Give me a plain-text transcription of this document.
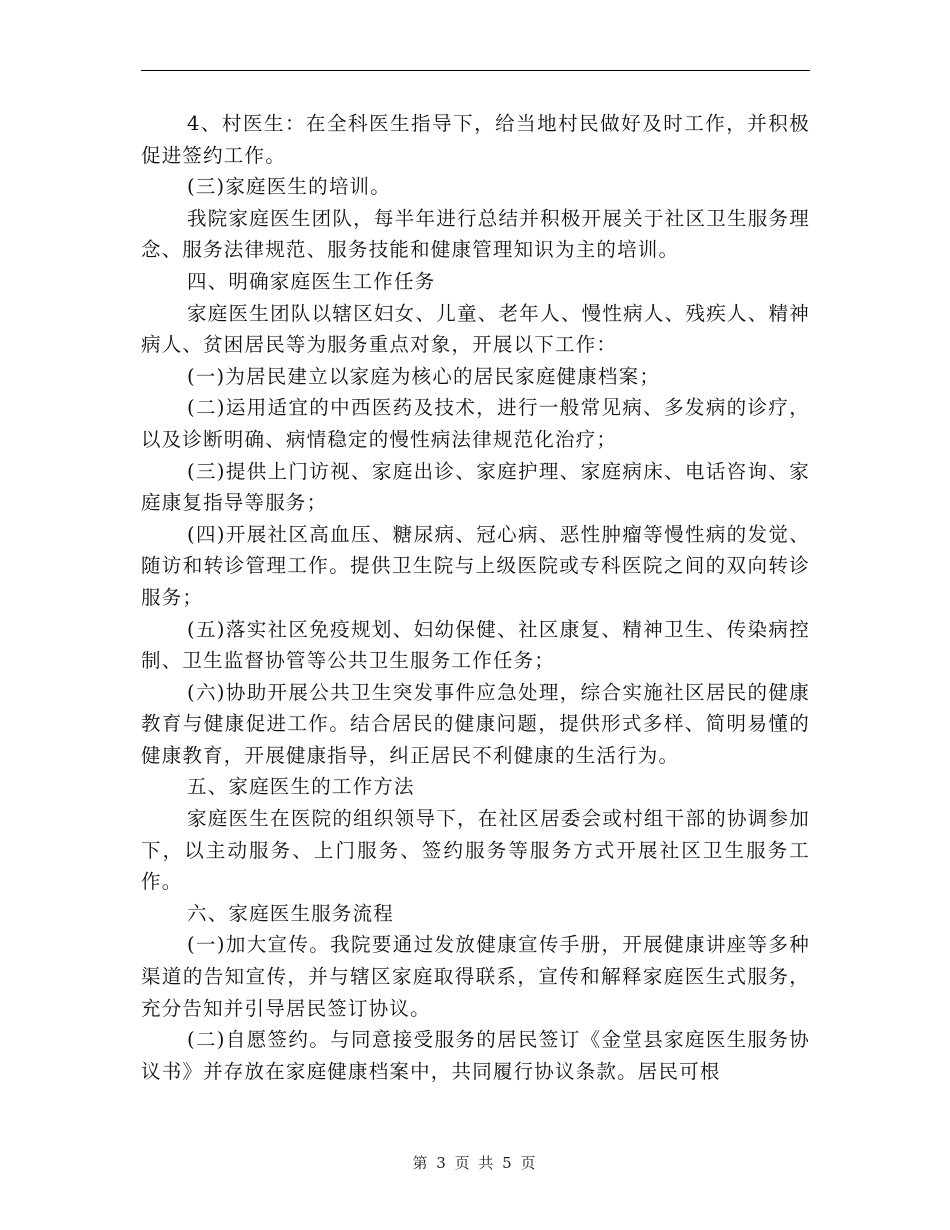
4、村医生：在全科医生指导下，给当地村民做好及时工作，并积极促进签约工作。

(三)家庭医生的培训。

我院家庭医生团队，每半年进行总结并积极开展关于社区卫生服务理念、服务法律规范、服务技能和健康管理知识为主的培训。

四、明确家庭医生工作任务

家庭医生团队以辖区妇女、儿童、老年人、慢性病人、残疾人、精神病人、贫困居民等为服务重点对象，开展以下工作：

(一)为居民建立以家庭为核心的居民家庭健康档案；

(二)运用适宜的中西医药及技术，进行一般常见病、多发病的诊疗，以及诊断明确、病情稳定的慢性病法律规范化治疗；

(三)提供上门访视、家庭出诊、家庭护理、家庭病床、电话咨询、家庭康复指导等服务；

(四)开展社区高血压、糖尿病、冠心病、恶性肿瘤等慢性病的发觉、随访和转诊管理工作。提供卫生院与上级医院或专科医院之间的双向转诊服务；

(五)落实社区免疫规划、妇幼保健、社区康复、精神卫生、传染病控制、卫生监督协管等公共卫生服务工作任务；

(六)协助开展公共卫生突发事件应急处理，综合实施社区居民的健康教育与健康促进工作。结合居民的健康问题，提供形式多样、简明易懂的健康教育，开展健康指导，纠正居民不利健康的生活行为。

五、家庭医生的工作方法

家庭医生在医院的组织领导下，在社区居委会或村组干部的协调参加下，以主动服务、上门服务、签约服务等服务方式开展社区卫生服务工作。

六、家庭医生服务流程

(一)加大宣传。我院要通过发放健康宣传手册，开展健康讲座等多种渠道的告知宣传，并与辖区家庭取得联系，宣传和解释家庭医生式服务，充分告知并引导居民签订协议。

(二)自愿签约。与同意接受服务的居民签订《金堂县家庭医生服务协议书》并存放在家庭健康档案中，共同履行协议条款。居民可根

第 3 页 共 5 页
